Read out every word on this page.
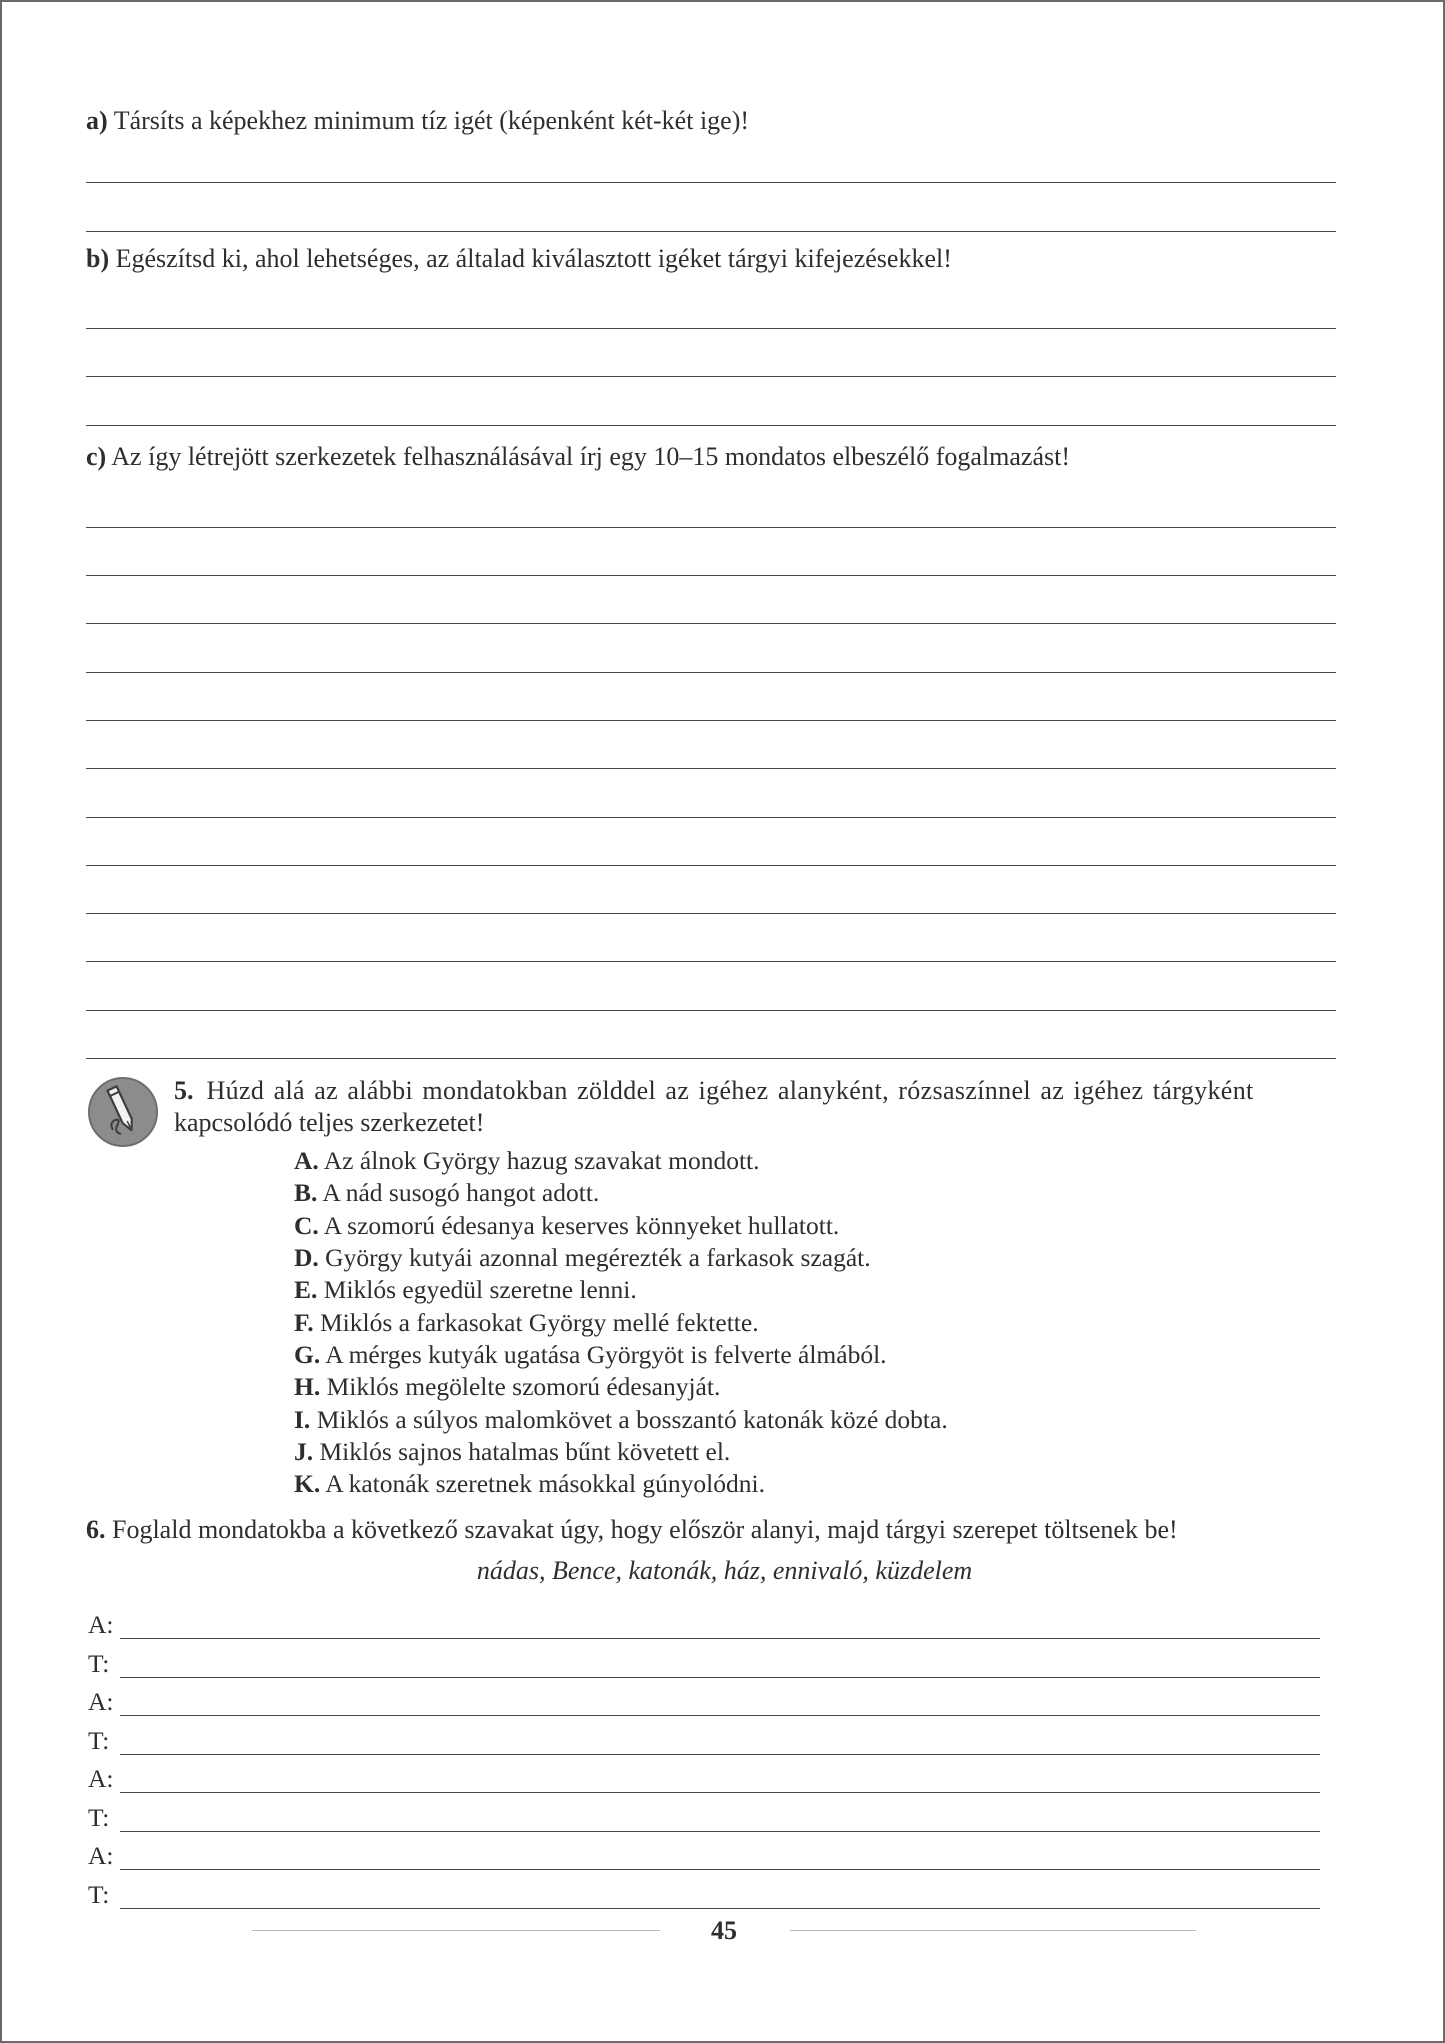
a) Társíts a képekhez minimum tíz igét (képenként két-két ige)!
b) Egészítsd ki, ahol lehetséges, az általad kiválasztott igéket tárgyi kifejezésekkel!
c) Az így létrejött szerkezetek felhasználásával írj egy 10–15 mondatos elbeszélő fogalmazást!
5. Húzd alá az alábbi mondatokban zölddel az igéhez alanyként, rózsaszínnel az igéhez tárgyként
kapcsolódó teljes szerkezetet!
A. Az álnok György hazug szavakat mondott.
B. A nád susogó hangot adott.
C. A szomorú édesanya keserves könnyeket hullatott.
D. György kutyái azonnal megérezték a farkasok szagát.
E. Miklós egyedül szeretne lenni.
F. Miklós a farkasokat György mellé fektette.
G. A mérges kutyák ugatása Györgyöt is felverte álmából.
H. Miklós megölelte szomorú édesanyját.
I. Miklós a súlyos malomkövet a bosszantó katonák közé dobta.
J. Miklós sajnos hatalmas bűnt követett el.
K. A katonák szeretnek másokkal gúnyolódni.
6. Foglald mondatokba a következő szavakat úgy, hogy először alanyi, majd tárgyi szerepet töltsenek be!
nádas, Bence, katonák, ház, ennivaló, küzdelem
A:
T:
A:
T:
A:
T:
A:
T:
45
